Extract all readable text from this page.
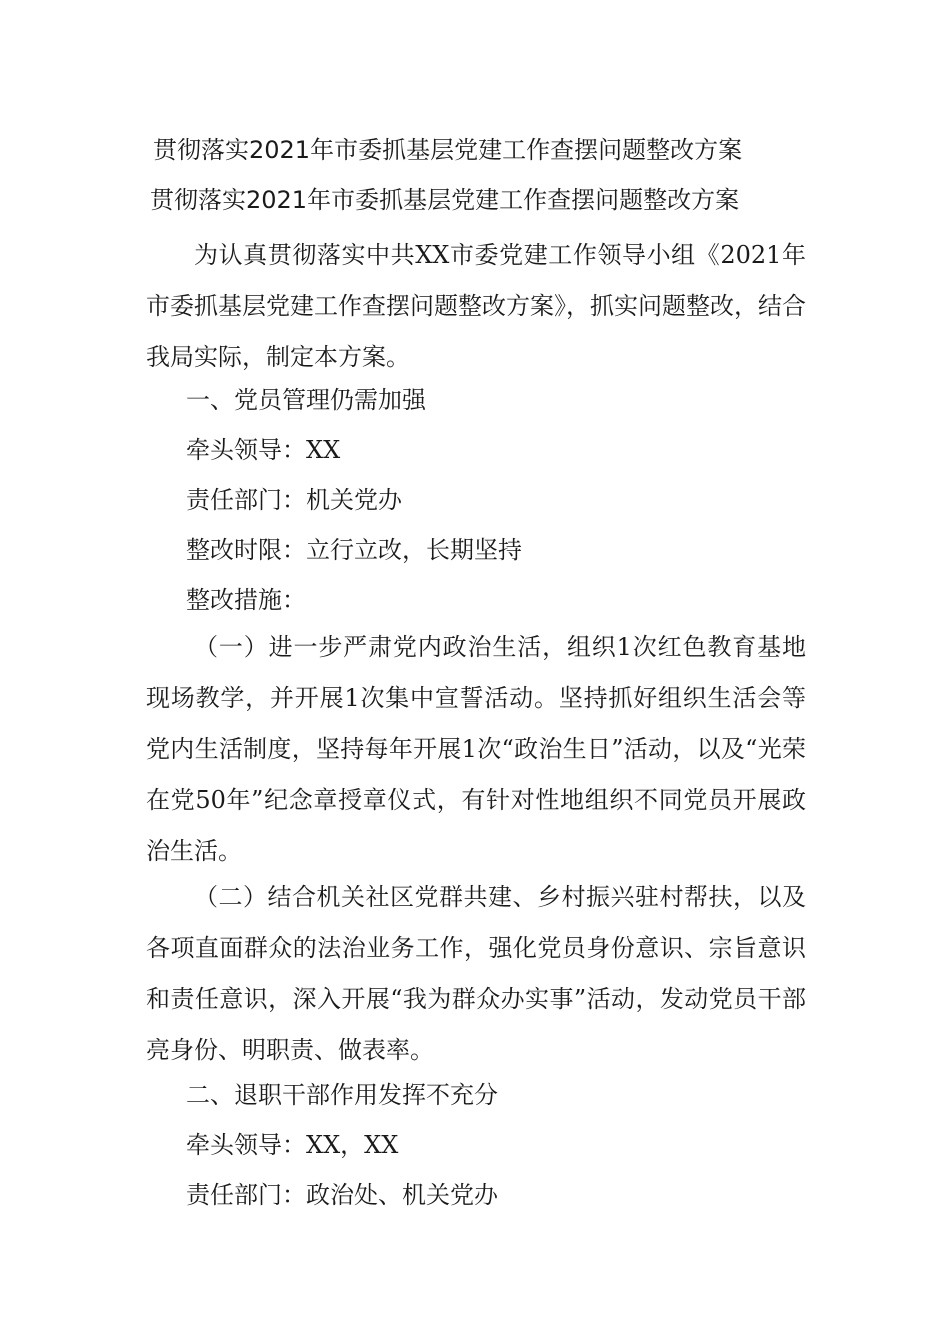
贯彻落实2021年市委抓基层党建工作查摆问题整改方案
贯彻落实2021年市委抓基层党建工作查摆问题整改方案
为认真贯彻落实中共XX市委党建工作领导小组《2021年市委抓基层党建工作查摆问题整改方案》，抓实问题整改，结合我局实际，制定本方案。
一、党员管理仍需加强
牵头领导：XX
责任部门：机关党办
整改时限：立行立改，长期坚持
整改措施：
（一）进一步严肃党内政治生活，组织1次红色教育基地现场教学，并开展1次集中宣誓活动。坚持抓好组织生活会等党内生活制度，坚持每年开展1次“政治生日”活动，以及“光荣在党50年”纪念章授章仪式，有针对性地组织不同党员开展政治生活。
（二）结合机关社区党群共建、乡村振兴驻村帮扶，以及各项直面群众的法治业务工作，强化党员身份意识、宗旨意识和责任意识，深入开展“我为群众办实事”活动，发动党员干部亮身份、明职责、做表率。
二、退职干部作用发挥不充分
牵头领导：XX，XX
责任部门：政治处、机关党办
